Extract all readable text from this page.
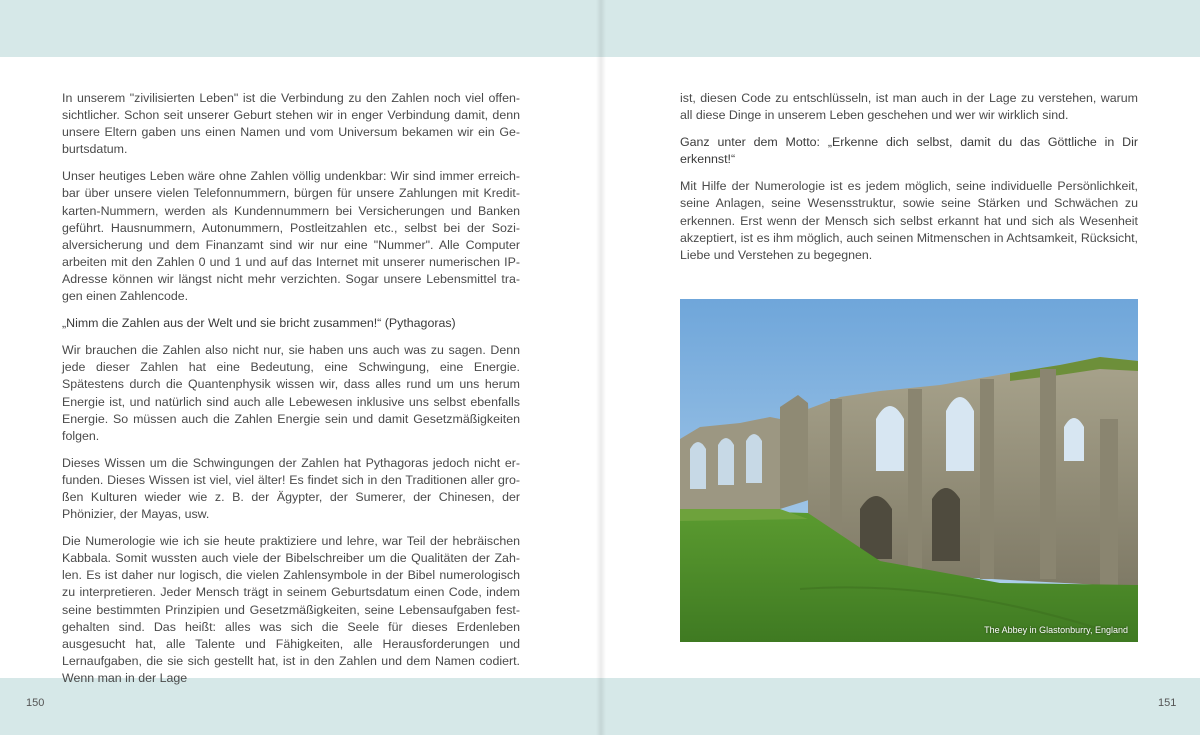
In unserem "zivilisierten Leben" ist die Verbindung zu den Zahlen noch viel offensichtlicher. Schon seit unserer Geburt stehen wir in enger Verbindung damit, denn unsere Eltern gaben uns einen Namen und vom Universum bekamen wir ein Geburtsdatum.

Unser heutiges Leben wäre ohne Zahlen völlig undenkbar: Wir sind immer erreichbar über unsere vielen Telefonnummern, bürgen für unsere Zahlungen mit Kreditkarten-Nummern, werden als Kundennummern bei Versicherungen und Banken geführt. Hausnummern, Autonummern, Postleitzahlen etc., selbst bei der Sozialversicherung und dem Finanzamt sind wir nur eine "Nummer". Alle Computer arbeiten mit den Zahlen 0 und 1 und auf das Internet mit unserer numerischen IP-Adresse können wir längst nicht mehr verzichten. Sogar unsere Lebensmittel tragen einen Zahlencode.

„Nimm die Zahlen aus der Welt und sie bricht zusammen!“ (Pythagoras)

Wir brauchen die Zahlen also nicht nur, sie haben uns auch was zu sagen. Denn jede dieser Zahlen hat eine Bedeutung, eine Schwingung, eine Energie. Spätestens durch die Quantenphysik wissen wir, dass alles rund um uns herum Energie ist, und natürlich sind auch alle Lebewesen inklusive uns selbst ebenfalls Energie. So müssen auch die Zahlen Energie sein und damit Gesetzmäßigkeiten folgen.

Dieses Wissen um die Schwingungen der Zahlen hat Pythagoras jedoch nicht erfunden. Dieses Wissen ist viel, viel älter! Es findet sich in den Traditionen aller großen Kulturen wieder wie z. B. der Ägypter, der Sumerer, der Chinesen, der Phönizier, der Mayas, usw.

Die Numerologie wie ich sie heute praktiziere und lehre, war Teil der hebräischen Kabbala. Somit wussten auch viele der Bibelschreiber um die Qualitäten der Zahlen. Es ist daher nur logisch, die vielen Zahlensymbole in der Bibel numerologisch zu interpretieren. Jeder Mensch trägt in seinem Geburtsdatum einen Code, indem seine bestimmten Prinzipien und Gesetzmäßigkeiten, seine Lebensaufgaben festgehalten sind. Das heißt: alles was sich die Seele für dieses Erdenleben ausgesucht hat, alle Talente und Fähigkeiten, alle Herausforderungen und Lernaufgaben, die sie sich gestellt hat, ist in den Zahlen und dem Namen codiert. Wenn man in der Lage

ist, diesen Code zu entschlüsseln, ist man auch in der Lage zu verstehen, warum all diese Dinge in unserem Leben geschehen und wer wir wirklich sind.

Ganz unter dem Motto: „Erkenne dich selbst, damit du das Göttliche in Dir erkennst!“

Mit Hilfe der Numerologie ist es jedem möglich, seine individuelle Persönlichkeit, seine Anlagen, seine Wesensstruktur, sowie seine Stärken und Schwächen zu erkennen. Erst wenn der Mensch sich selbst erkannt hat und sich als Wesenheit akzeptiert, ist es ihm möglich, auch seinen Mitmenschen in Achtsamkeit, Rücksicht, Liebe und Verstehen zu begegnen.

The Abbey in Glastonburry, England
150	151
